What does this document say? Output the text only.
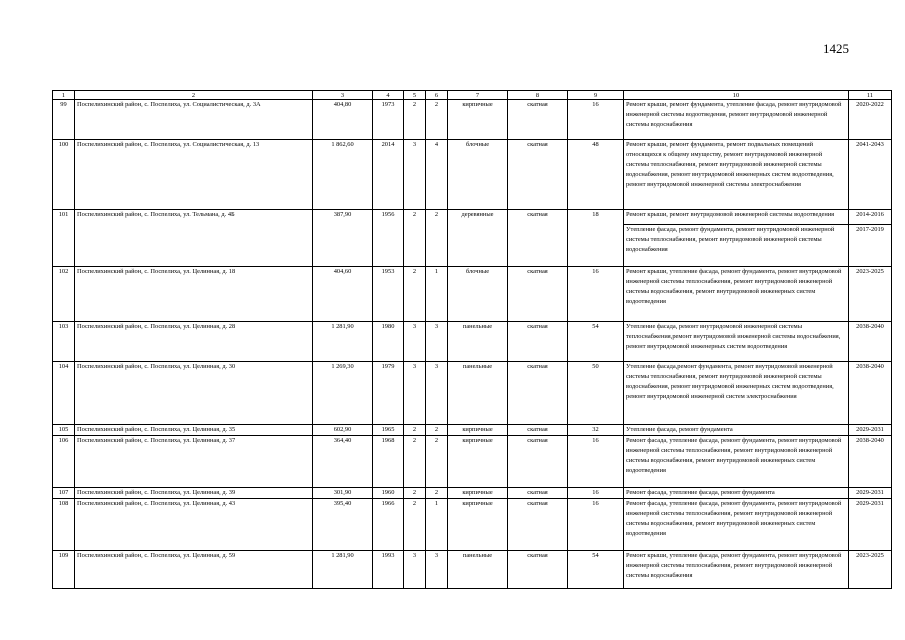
1425
1	2	3	4	5	6	7	8	9	10	11
99	Поспелихинский район, с. Поспелиха, ул. Социалистическая, д. 3А	404,80	1973	2	2	кирпичные	скатная	16	Ремонт крыши, ремонт фундамента, утепление фасада, ремонт внутридомовой инженерной системы водоотведения, ремонт внутридомовой инженерной системы водоснабжения	2020-2022
100	Поспелихинский район, с. Поспелиха, ул. Социалистическая, д. 13	1 862,60	2014	3	4	блочные	скатная	48	Ремонт крыши, ремонт фундамента, ремонт подвальных помещений относящихся к общему имуществу, ремонт внутридомовой инженерной системы теплоснабжения, ремонт внутридомовой инженерной системы водоснабжения, ремонт внутридомовой инженерных систем водоотведения, ремонт внутридомовой инженерной системы электроснабжения	2041-2043
101	Поспелихинский район, с. Поспелиха, ул. Тельмана, д. 4Б	387,90	1956	2	2	деревянные	скатная	18	Ремонт крыши, ремонт внутридомовой инженерной системы водоотведения	2014-2016
									Утепление фасада, ремонт фундамента, ремонт внутридомовой инженерной системы теплоснабжения, ремонт внутридомовой инженерной системы водоснабжения	2017-2019
102	Поспелихинский район, с. Поспелиха, ул. Целинная, д. 18	404,60	1953	2	1	блочные	скатная	16	Ремонт крыши, утепление фасада, ремонт фундамента, ремонт внутридомовой инженерной системы теплоснабжения, ремонт внутридомовой инженерной системы водоснабжения, ремонт внутридомовой инженерных систем водоотведения	2023-2025
103	Поспелихинский район, с. Поспелиха, ул. Целинная, д. 28	1 281,90	1980	3	3	панельные	скатная	54	Утепление фасада, ремонт внутридомовой инженерной системы теплоснабжения,ремонт внутридомовой инженерной системы водоснабжения, ремонт внутридомовой инженерных систем водоотведения	2038-2040
104	Поспелихинский район, с. Поспелиха, ул. Целинная, д. 30	1 269,30	1979	3	3	панельные	скатная	50	Утепление фасада,ремонт фундамента, ремонт внутридомовой инженерной системы теплоснабжения, ремонт внутридомовой инженерной системы водоснабжения, ремонт внутридомовой инженерных систем водоотведения, ремонт внутридомовой инженерной систем электроснабжения	2038-2040
105	Поспелихинский район, с. Поспелиха, ул. Целинная, д. 35	602,90	1965	2	2	кирпичные	скатная	32	Утепление фасада, ремонт фундамента	2029-2031
106	Поспелихинский район, с. Поспелиха, ул. Целинная, д. 37	364,40	1968	2	2	кирпичные	скатная	16	Ремонт фасада, утепление фасада, ремонт фундамента, ремонт внутридомовой инженерной системы теплоснабжения, ремонт внутридомовой инженерной системы водоснабжения, ремонт внутридомовой инженерных систем водоотведения	2038-2040
107	Поспелихинский район, с. Поспелиха, ул. Целинная, д. 39	301,90	1960	2	2	кирпичные	скатная	16	Ремонт фасада, утепление фасада, ремонт фундамента	2029-2031
108	Поспелихинский район, с. Поспелиха, ул. Целинная, д. 43	395,40	1966	2	1	кирпичные	скатная	16	Ремонт фасада, утепление фасада, ремонт фундамента, ремонт внутридомовой инженерной системы теплоснабжения, ремонт внутридомовой инженерной системы водоснабжения, ремонт внутридомовой инженерных систем водоотведения	2029-2031
109	Поспелихинский район, с. Поспелиха, ул. Целинная, д. 59	1 281,90	1993	3	3	панельные	скатная	54	Ремонт крыши, утепление фасада, ремонт фундамента, ремонт внутридомовой инженерной системы теплоснабжения, ремонт внутридомовой инженерной системы водоснабжения	2023-2025
